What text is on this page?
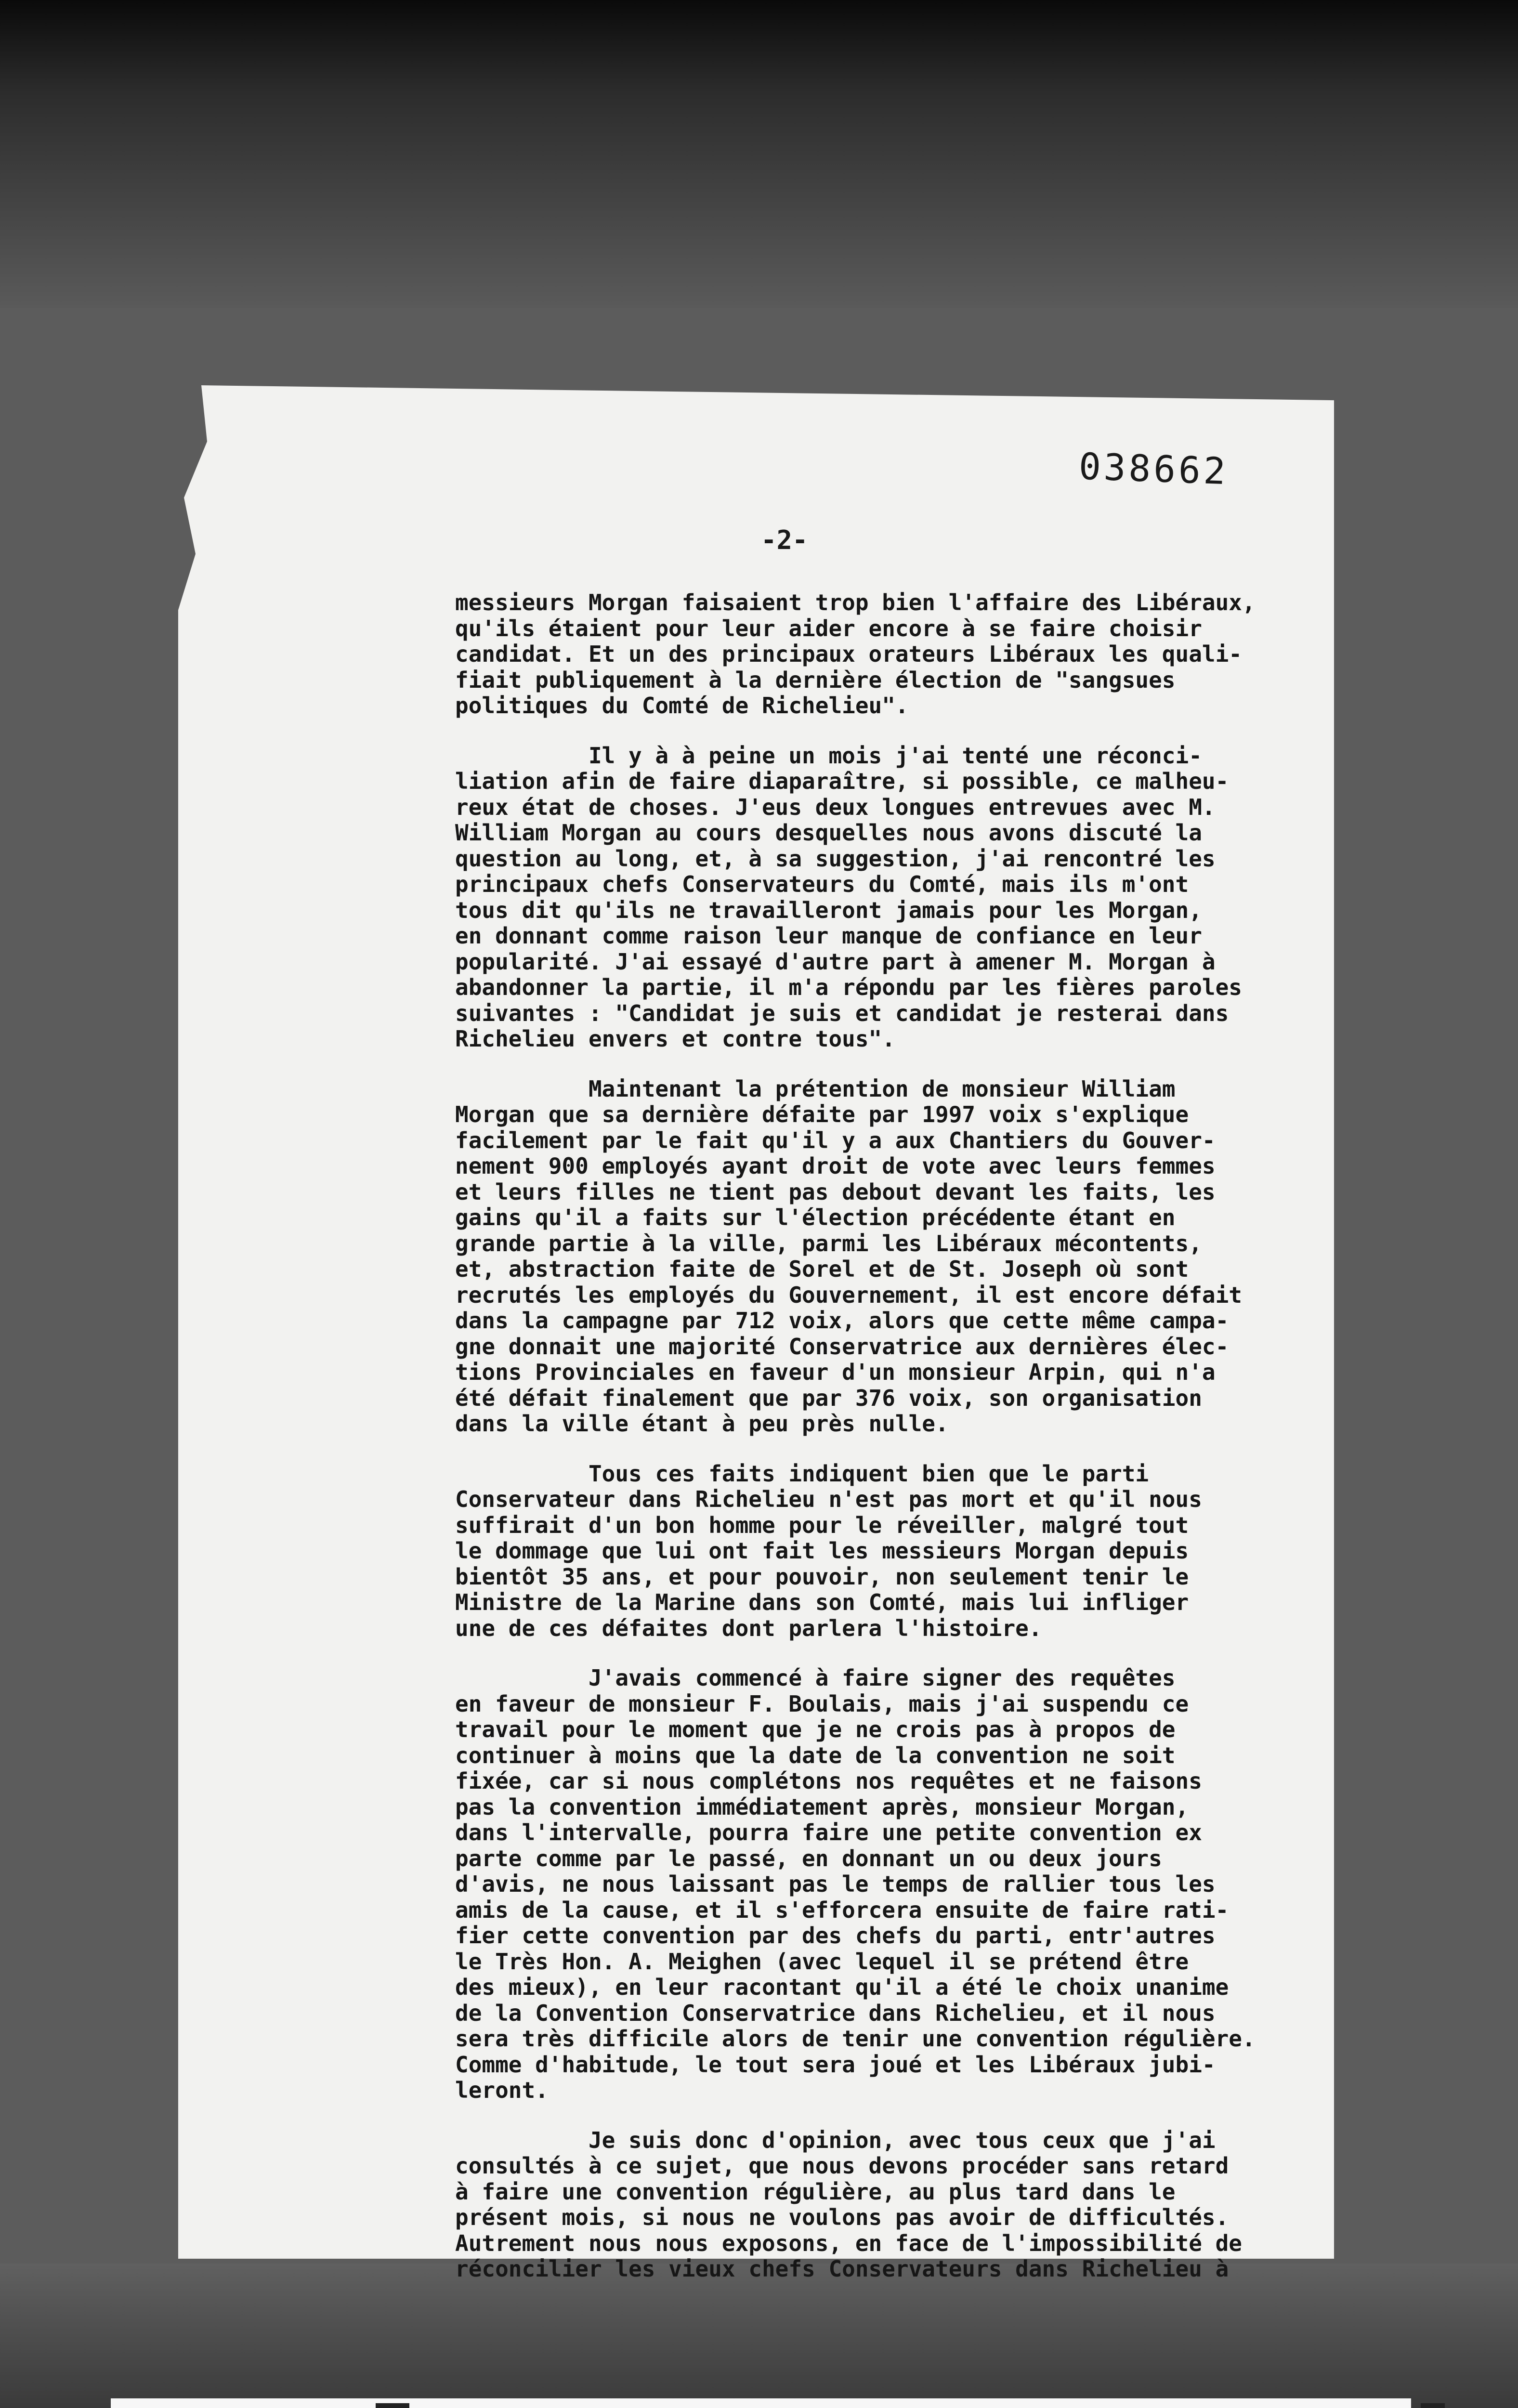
038662
-2-
messieurs Morgan faisaient trop bien l'affaire des Libéraux,
qu'ils étaient pour leur aider encore à se faire choisir
candidat. Et un des principaux orateurs Libéraux les quali-
fiait publiquement à la dernière élection de "sangsues
politiques du Comté de Richelieu".
Il y à à peine un mois j'ai tenté une réconci-
liation afin de faire diaparaître, si possible, ce malheu-
reux état de choses. J'eus deux longues entrevues avec M.
William Morgan au cours desquelles nous avons discuté la
question au long, et, à sa suggestion, j'ai rencontré les
principaux chefs Conservateurs du Comté, mais ils m'ont
tous dit qu'ils ne travailleront jamais pour les Morgan,
en donnant comme raison leur manque de confiance en leur
popularité. J'ai essayé d'autre part à amener M. Morgan à
abandonner la partie, il m'a répondu par les fières paroles
suivantes : "Candidat je suis et candidat je resterai dans
Richelieu envers et contre tous".
Maintenant la prétention de monsieur William
Morgan que sa dernière défaite par 1997 voix s'explique
facilement par le fait qu'il y a aux Chantiers du Gouver-
nement 900 employés ayant droit de vote avec leurs femmes
et leurs filles ne tient pas debout devant les faits, les
gains qu'il a faits sur l'élection précédente étant en
grande partie à la ville, parmi les Libéraux mécontents,
et, abstraction faite de Sorel et de St. Joseph où sont
recrutés les employés du Gouvernement, il est encore défait
dans la campagne par 712 voix, alors que cette même campa-
gne donnait une majorité Conservatrice aux dernières élec-
tions Provinciales en faveur d'un monsieur Arpin, qui n'a
été défait finalement que par 376 voix, son organisation
dans la ville étant à peu près nulle.
Tous ces faits indiquent bien que le parti
Conservateur dans Richelieu n'est pas mort et qu'il nous
suffirait d'un bon homme pour le réveiller, malgré tout
le dommage que lui ont fait les messieurs Morgan depuis
bientôt 35 ans, et pour pouvoir, non seulement tenir le
Ministre de la Marine dans son Comté, mais lui infliger
une de ces défaites dont parlera l'histoire.
J'avais commencé à faire signer des requêtes
en faveur de monsieur F. Boulais, mais j'ai suspendu ce
travail pour le moment que je ne crois pas à propos de
continuer à moins que la date de la convention ne soit
fixée, car si nous complétons nos requêtes et ne faisons
pas la convention immédiatement après, monsieur Morgan,
dans l'intervalle, pourra faire une petite convention ex
parte comme par le passé, en donnant un ou deux jours
d'avis, ne nous laissant pas le temps de rallier tous les
amis de la cause, et il s'efforcera ensuite de faire rati-
fier cette convention par des chefs du parti, entr'autres
le Très Hon. A. Meighen (avec lequel il se prétend être
des mieux), en leur racontant qu'il a été le choix unanime
de la Convention Conservatrice dans Richelieu, et il nous
sera très difficile alors de tenir une convention régulière.
Comme d'habitude, le tout sera joué et les Libéraux jubi-
leront.
Je suis donc d'opinion, avec tous ceux que j'ai
consultés à ce sujet, que nous devons procéder sans retard
à faire une convention régulière, au plus tard dans le
présent mois, si nous ne voulons pas avoir de difficultés.
Autrement nous nous exposons, en face de l'impossibilité de
réconcilier les vieux chefs Conservateurs dans Richelieu à
